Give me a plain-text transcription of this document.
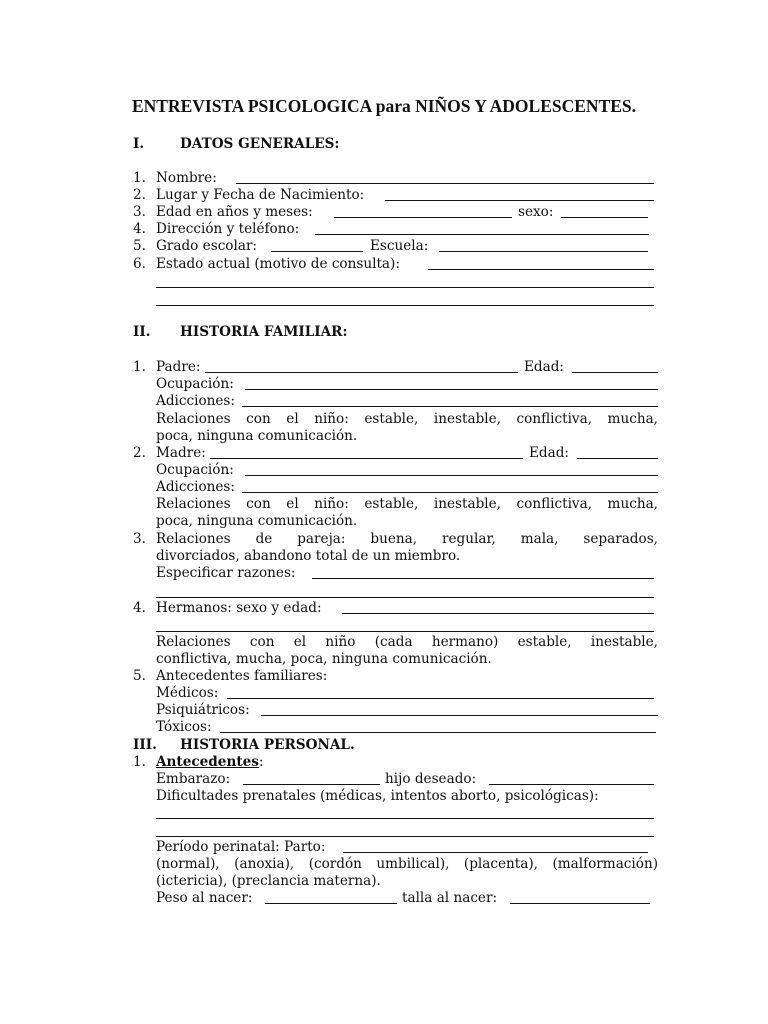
ENTREVISTA PSICOLOGICA para NIÑOS Y ADOLESCENTES.
I.	DATOS GENERALES:
1. Nombre:
2. Lugar y Fecha de Nacimiento:
3. Edad en años y meses:	sexo:
4. Dirección y teléfono:
5. Grado escolar:	Escuela:
6. Estado actual (motivo de consulta):
II. HISTORIA FAMILIAR:
1. Padre:	Edad:
Ocupación:
Adicciones:
Relaciones con el niño: estable, inestable, conflictiva, mucha,
poca, ninguna comunicación.
2. Madre:	Edad:
Ocupación:
Adicciones:
Relaciones con el niño: estable, inestable, conflictiva, mucha,
poca, ninguna comunicación.
3. Relaciones de pareja: buena, regular, mala, separados,
divorciados, abandono total de un miembro.
Especificar razones:
4. Hermanos: sexo y edad:
Relaciones con el niño (cada hermano) estable, inestable,
conflictiva, mucha, poca, ninguna comunicación.
5. Antecedentes familiares:
Médicos:
Psiquiátricos:
Tóxicos:
III. HISTORIA PERSONAL.
1. Antecedentes:
Embarazo:	hijo deseado:
Dificultades prenatales (médicas, intentos aborto, psicológicas):
Período perinatal: Parto:
(normal), (anoxia), (cordón umbilical), (placenta), (malformación)
(ictericia), (preclancia materna).
Peso al nacer:	talla al nacer:
